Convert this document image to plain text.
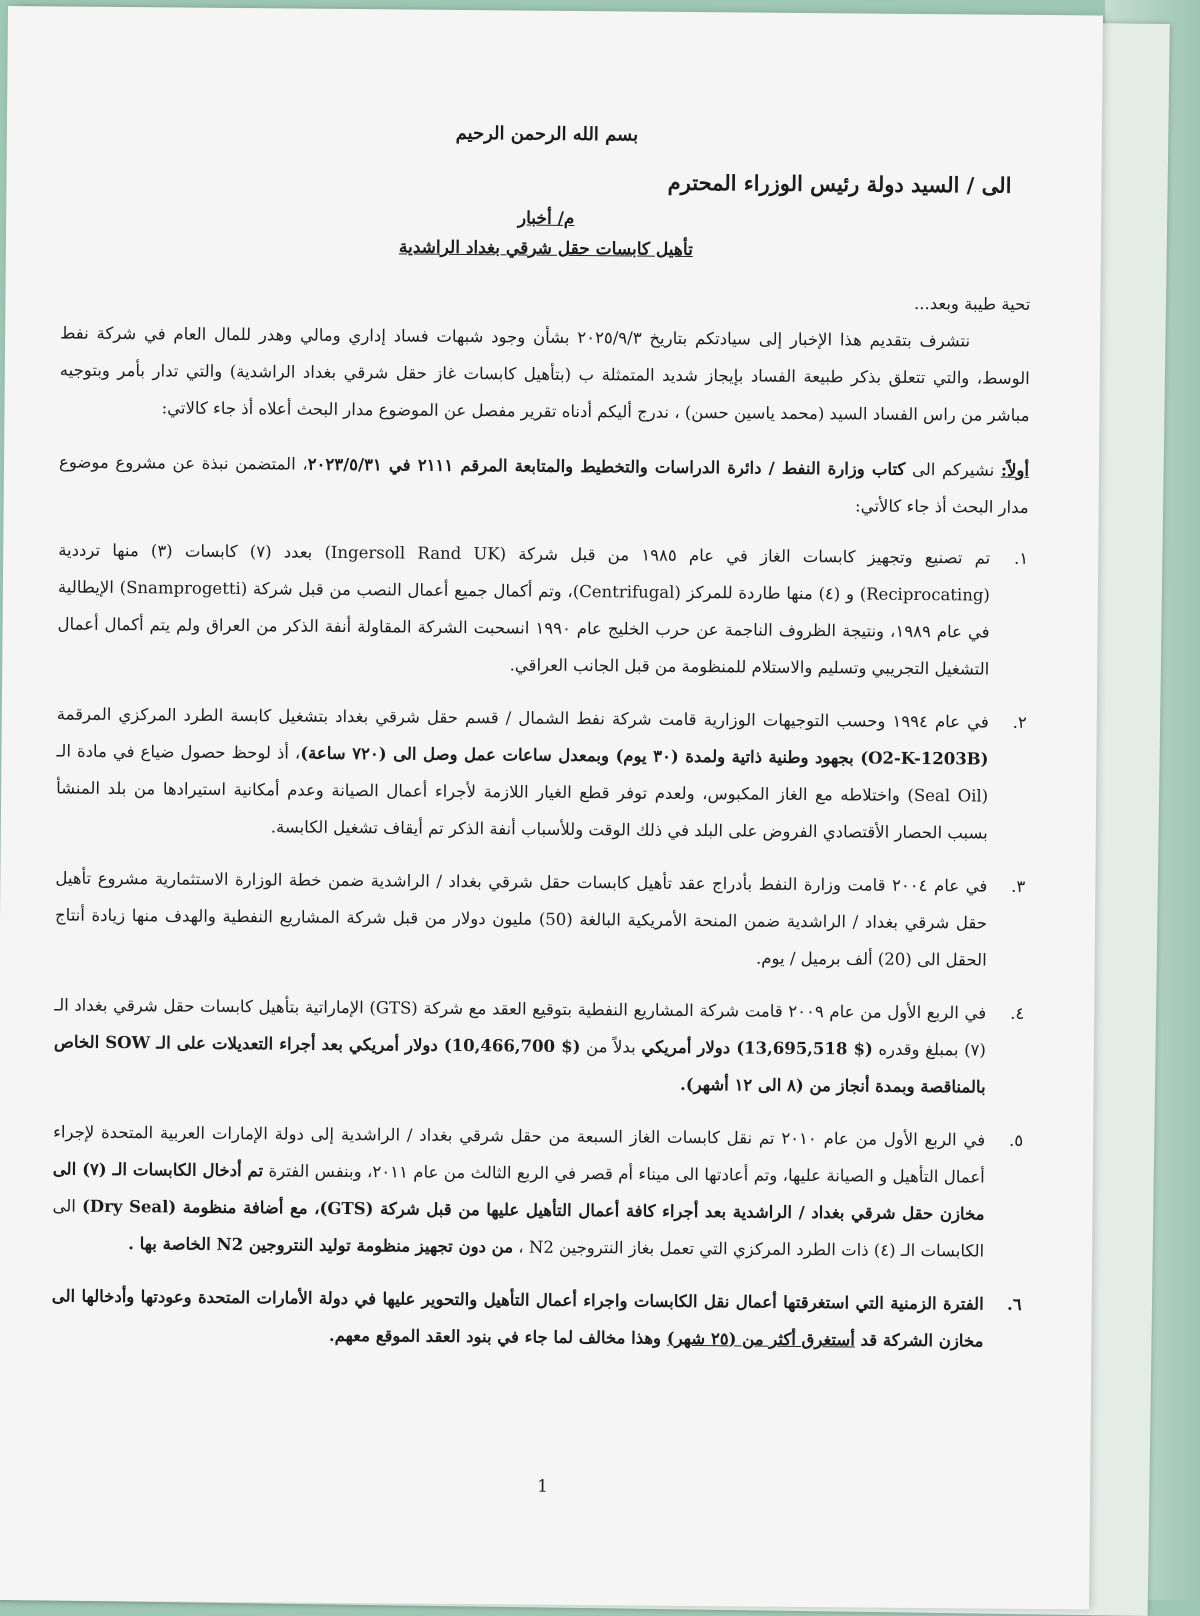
بسم الله الرحمن الرحيم
الى / السيد دولة رئيس الوزراء المحترم
م/ أخبار
تأهيل كابسات حقل شرقي بغداد الراشدية

تحية طيبة وبعد...

نتشرف بتقديم هذا الإخبار إلى سيادتكم بتاريخ ٢٠٢٥/٩/٣ بشأن وجود شبهات فساد إداري ومالي وهدر للمال العام في شركة نفط الوسط، والتي تتعلق بذكر طبيعة الفساد بإيجاز شديد المتمثلة ب (بتأهيل كابسات غاز حقل شرقي بغداد الراشدية) والتي تدار بأمر وبتوجيه مباشر من راس الفساد السيد (محمد ياسين حسن) ، ندرج أليكم أدناه تقرير مفصل عن الموضوع مدار البحث أعلاه أذ جاء كالاتي:

أولاً: نشيركم الى كتاب وزارة النفط / دائرة الدراسات والتخطيط والمتابعة المرقم ٢١١١ في ٢٠٢٣/٥/٣١، المتضمن نبذة عن مشروع موضوع مدار البحث أذ جاء كالأتي:

١.
تم تصنيع وتجهيز كابسات الغاز في عام ١٩٨٥ من قبل شركة (Ingersoll Rand UK) بعدد (٧) كابسات (٣) منها ترددية (Reciprocating) و (٤) منها طاردة للمركز (Centrifugal)، وتم أكمال جميع أعمال النصب من قبل شركة (Snamprogetti) الإيطالية في عام ١٩٨٩، ونتيجة الظروف الناجمة عن حرب الخليج عام ١٩٩٠ انسحبت الشركة المقاولة أنفة الذكر من العراق ولم يتم أكمال أعمال التشغيل التجريبي وتسليم والاستلام للمنظومة من قبل الجانب العراقي.
٢.
في عام ١٩٩٤ وحسب التوجيهات الوزارية قامت شركة نفط الشمال / قسم حقل شرقي بغداد بتشغيل كابسة الطرد المركزي المرقمة (O2-K-1203B) بجهود وطنية ذاتية ولمدة (٣٠ يوم) وبمعدل ساعات عمل وصل الى (٧٢٠ ساعة)، أذ لوحظ حصول ضياع في مادة الـ (Seal Oil) واختلاطه مع الغاز المكبوس، ولعدم توفر قطع الغيار اللازمة لأجراء أعمال الصيانة وعدم أمكانية استيرادها من بلد المنشأ بسبب الحصار الأقتصادي الفروض على البلد في ذلك الوقت وللأسباب أنفة الذكر تم أيقاف تشغيل الكابسة.
٣.
في عام ٢٠٠٤ قامت وزارة النفط بأدراج عقد تأهيل كابسات حقل شرقي بغداد / الراشدية ضمن خطة الوزارة الاستثمارية مشروع تأهيل حقل شرقي بغداد / الراشدية ضمن المنحة الأمريكية البالغة (50) مليون دولار من قبل شركة المشاريع النفطية والهدف منها زيادة أنتاج الحقل الى (20) ألف برميل / يوم.
٤.
في الربع الأول من عام ٢٠٠٩ قامت شركة المشاريع النفطية بتوقيع العقد مع شركة (GTS) الإماراتية بتأهيل كابسات حقل شرقي بغداد الـ (٧) بمبلغ وقدره ($ 13,695,518) دولار أمريكي بدلاً من ($ 10,466,700) دولار أمريكي بعد أجراء التعديلات على الـ SOW الخاص بالمناقصة وبمدة أنجاز من (٨ الى ١٢ أشهر).
٥.
في الربع الأول من عام ٢٠١٠ تم نقل كابسات الغاز السبعة من حقل شرقي بغداد / الراشدية إلى دولة الإمارات العربية المتحدة لإجراء أعمال التأهيل و الصيانة عليها، وتم أعادتها الى ميناء أم قصر في الربع الثالث من عام ٢٠١١، وبنفس الفترة تم أدخال الكابسات الـ (٧) الى مخازن حقل شرقي بغداد / الراشدية بعد أجراء كافة أعمال التأهيل عليها من قبل شركة (GTS)، مع أضافة منظومة (Dry Seal) الى الكابسات الـ (٤) ذات الطرد المركزي التي تعمل بغاز النتروجين N2 ، من دون تجهيز منظومة توليد النتروجين N2 الخاصة بها .
٦.
الفترة الزمنية التي استغرقتها أعمال نقل الكابسات واجراء أعمال التأهيل والتحوير عليها في دولة الأمارات المتحدة وعودتها وأدخالها الى مخازن الشركة قد أستغرق أكثر من (٢٥ شهر) وهذا مخالف لما جاء في بنود العقد الموقع معهم.
1
